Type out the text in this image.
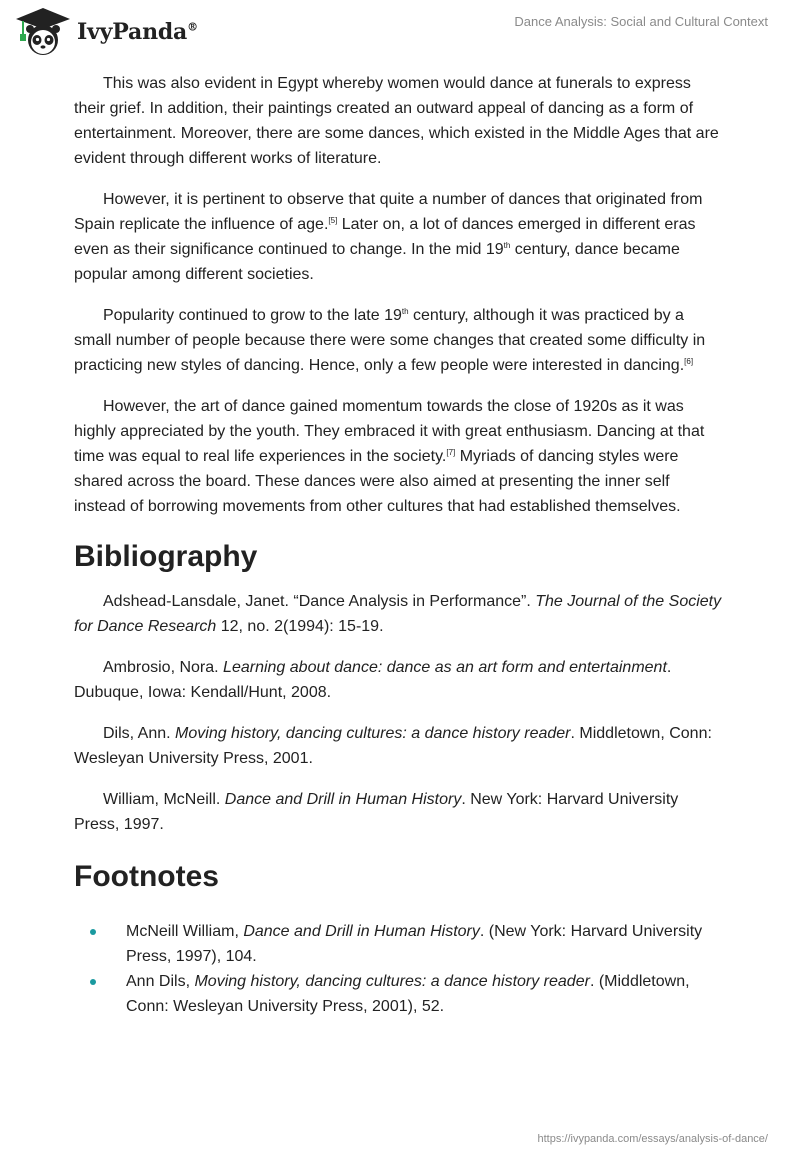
IvyPanda®	Dance Analysis: Social and Cultural Context

This was also evident in Egypt whereby women would dance at funerals to express their grief. In addition, their paintings created an outward appeal of dancing as a form of entertainment. Moreover, there are some dances, which existed in the Middle Ages that are evident through different works of literature.

However, it is pertinent to observe that quite a number of dances that originated from Spain replicate the influence of age.[5] Later on, a lot of dances emerged in different eras even as their significance continued to change. In the mid 19th century, dance became popular among different societies.

Popularity continued to grow to the late 19th century, although it was practiced by a small number of people because there were some changes that created some difficulty in practicing new styles of dancing. Hence, only a few people were interested in dancing.[6]

However, the art of dance gained momentum towards the close of 1920s as it was highly appreciated by the youth. They embraced it with great enthusiasm. Dancing at that time was equal to real life experiences in the society.[7] Myriads of dancing styles were shared across the board. These dances were also aimed at presenting the inner self instead of borrowing movements from other cultures that had established themselves.

Bibliography

Adshead-Lansdale, Janet. “Dance Analysis in Performance”. The Journal of the Society for Dance Research 12, no. 2(1994): 15-19.

Ambrosio, Nora. Learning about dance: dance as an art form and entertainment. Dubuque, Iowa: Kendall/Hunt, 2008.

Dils, Ann. Moving history, dancing cultures: a dance history reader. Middletown, Conn: Wesleyan University Press, 2001.

William, McNeill. Dance and Drill in Human History. New York: Harvard University Press, 1997.

Footnotes
McNeill William, Dance and Drill in Human History. (New York: Harvard University Press, 1997), 104.
Ann Dils, Moving history, dancing cultures: a dance history reader. (Middletown, Conn: Wesleyan University Press, 2001), 52.
https://ivypanda.com/essays/analysis-of-dance/
